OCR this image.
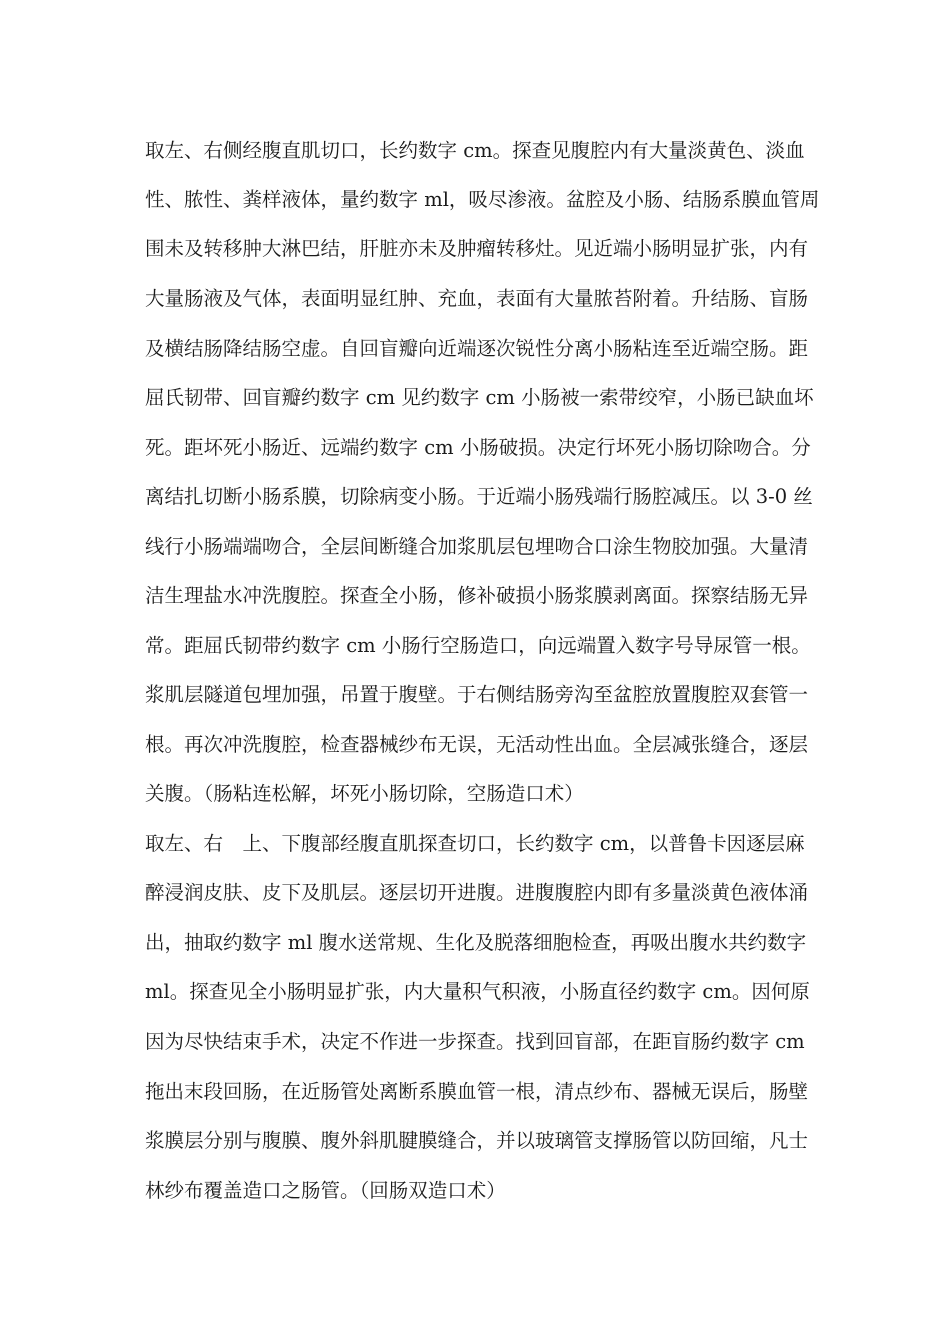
取左、右侧经腹直肌切口，长约数字 cm。探查见腹腔内有大量淡黄色、淡血

性、脓性、粪样液体，量约数字 ml，吸尽渗液。盆腔及小肠、结肠系膜血管周

围未及转移肿大淋巴结，肝脏亦未及肿瘤转移灶。见近端小肠明显扩张，内有

大量肠液及气体，表面明显红肿、充血，表面有大量脓苔附着。升结肠、盲肠

及横结肠降结肠空虚。自回盲瓣向近端逐次锐性分离小肠粘连至近端空肠。距

屈氏韧带、回盲瓣约数字 cm 见约数字 cm 小肠被一索带绞窄，小肠已缺血坏

死。距坏死小肠近、远端约数字 cm 小肠破损。决定行坏死小肠切除吻合。分

离结扎切断小肠系膜，切除病变小肠。于近端小肠残端行肠腔减压。以 3-0 丝

线行小肠端端吻合，全层间断缝合加浆肌层包埋吻合口涂生物胶加强。大量清

洁生理盐水冲洗腹腔。探查全小肠，修补破损小肠浆膜剥离面。探察结肠无异

常。距屈氏韧带约数字 cm 小肠行空肠造口，向远端置入数字号导尿管一根。

浆肌层隧道包埋加强，吊置于腹壁。于右侧结肠旁沟至盆腔放置腹腔双套管一

根。再次冲洗腹腔，检查器械纱布无误，无活动性出血。全层减张缝合，逐层

关腹。（肠粘连松解，坏死小肠切除，空肠造口术）

取左、右　上、下腹部经腹直肌探查切口，长约数字 cm，以普鲁卡因逐层麻

醉浸润皮肤、皮下及肌层。逐层切开进腹。进腹腹腔内即有多量淡黄色液体涌

出，抽取约数字 ml 腹水送常规、生化及脱落细胞检查，再吸出腹水共约数字

ml。探查见全小肠明显扩张，内大量积气积液，小肠直径约数字 cm。因何原

因为尽快结束手术，决定不作进一步探查。找到回盲部，在距盲肠约数字 cm

拖出末段回肠，在近肠管处离断系膜血管一根，清点纱布、器械无误后，肠壁

浆膜层分别与腹膜、腹外斜肌腱膜缝合，并以玻璃管支撑肠管以防回缩，凡士

林纱布覆盖造口之肠管。（回肠双造口术）
